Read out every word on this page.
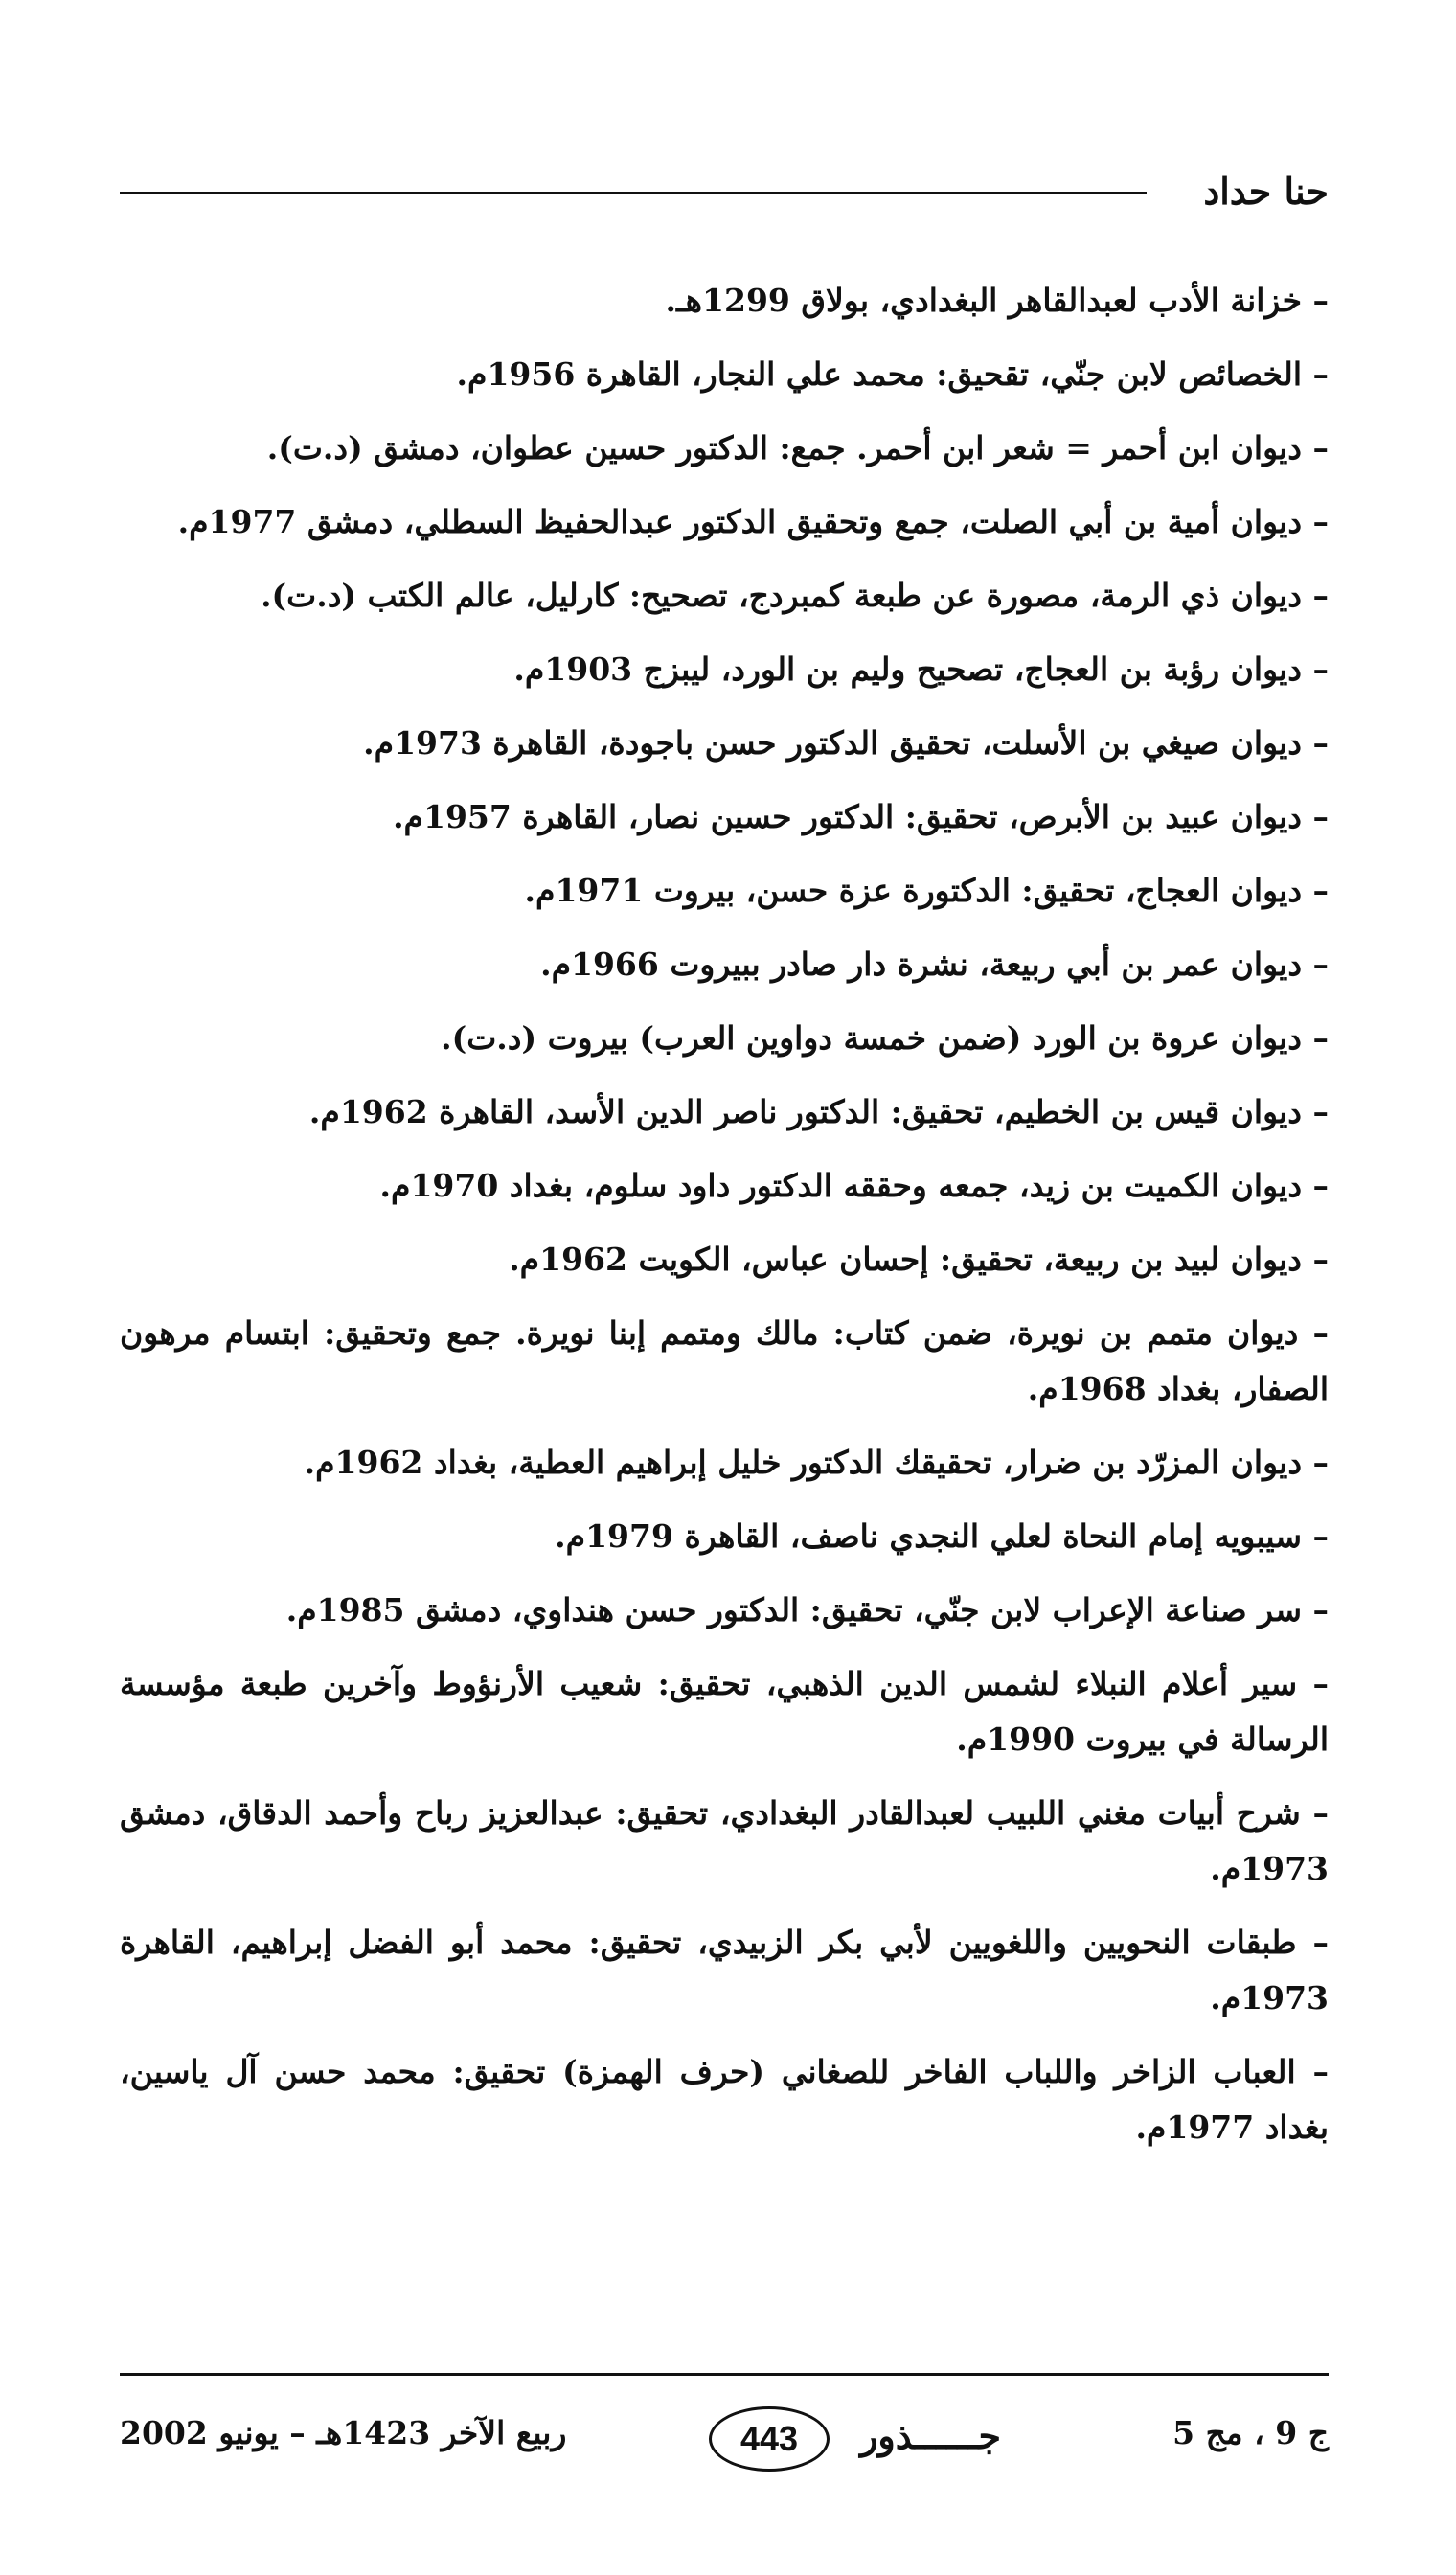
حنا حداد

– خزانة الأدب لعبدالقاهر البغدادي، بولاق 1299هـ.

– الخصائص لابن جنّي، تقحيق: محمد علي النجار، القاهرة 1956م.

– ديوان ابن أحمر = شعر ابن أحمر. جمع: الدكتور حسين عطوان، دمشق (د.ت).

– ديوان أمية بن أبي الصلت، جمع وتحقيق الدكتور عبدالحفيظ السطلي، دمشق 1977م.

– ديوان ذي الرمة، مصورة عن طبعة كمبردج، تصحيح: كارليل، عالم الكتب (د.ت).

– ديوان رؤبة بن العجاج، تصحيح وليم بن الورد، ليبزج 1903م.

– ديوان صيغي بن الأسلت، تحقيق الدكتور حسن باجودة، القاهرة 1973م.

– ديوان عبيد بن الأبرص، تحقيق: الدكتور حسين نصار، القاهرة 1957م.

– ديوان العجاج، تحقيق: الدكتورة عزة حسن، بيروت 1971م.

– ديوان عمر بن أبي ربيعة، نشرة دار صادر ببيروت 1966م.

– ديوان عروة بن الورد (ضمن خمسة دواوين العرب) بيروت (د.ت).

– ديوان قيس بن الخطيم، تحقيق: الدكتور ناصر الدين الأسد، القاهرة 1962م.

– ديوان الكميت بن زيد، جمعه وحققه الدكتور داود سلوم، بغداد 1970م.

– ديوان لبيد بن ربيعة، تحقيق: إحسان عباس، الكويت 1962م.

– ديوان متمم بن نويرة، ضمن كتاب: مالك ومتمم إبنا نويرة. جمع وتحقيق: ابتسام مرهون الصفار، بغداد 1968م.

– ديوان المزرّد بن ضرار، تحقيقك الدكتور خليل إبراهيم العطية، بغداد 1962م.

– سيبويه إمام النحاة لعلي النجدي ناصف، القاهرة 1979م.

– سر صناعة الإعراب لابن جنّي، تحقيق: الدكتور حسن هنداوي، دمشق 1985م.

– سير أعلام النبلاء لشمس الدين الذهبي، تحقيق: شعيب الأرنؤوط وآخرين طبعة مؤسسة الرسالة في بيروت 1990م.

– شرح أبيات مغني اللبيب لعبدالقادر البغدادي، تحقيق: عبدالعزيز رباح وأحمد الدقاق، دمشق 1973م.

– طبقات النحويين واللغويين لأبي بكر الزبيدي، تحقيق: محمد أبو الفضل إبراهيم، القاهرة 1973م.

– العباب الزاخر واللباب الفاخر للصغاني (حرف الهمزة) تحقيق: محمد حسن آل ياسين، بغداد 1977م.

ربيع الآخر 1423هـ – يونيو 2002	جــــــذور
443	ج 9 ، مج 5
